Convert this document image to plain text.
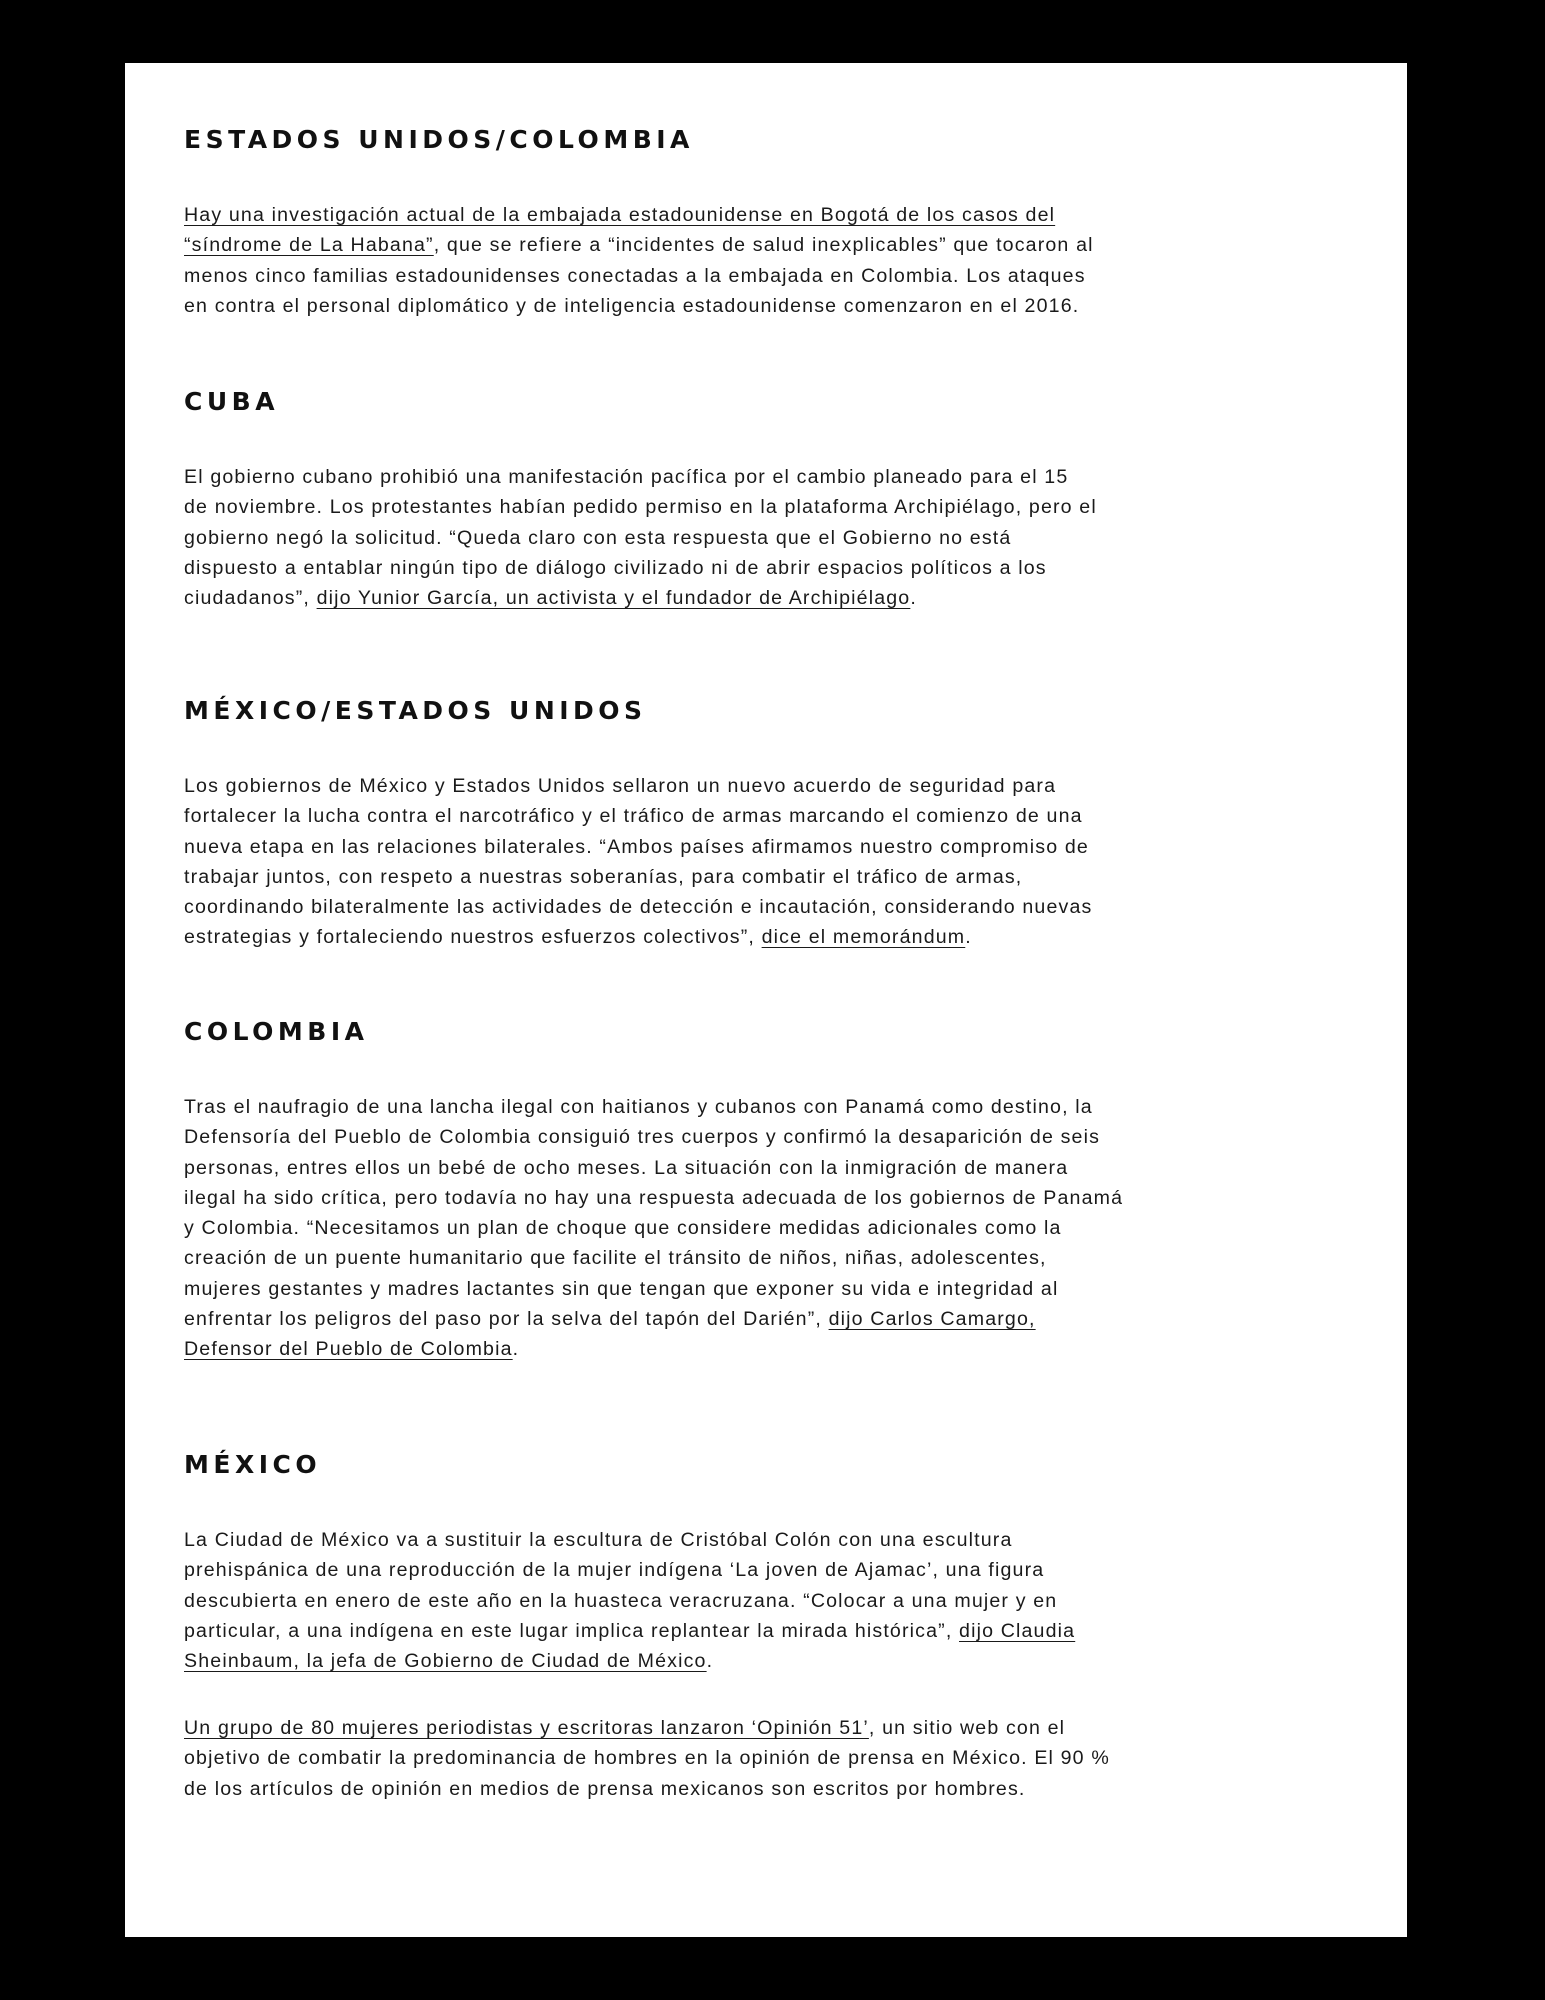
ESTADOS UNIDOS/COLOMBIA

Hay una investigación actual de la embajada estadounidense en Bogotá de los casos del
“síndrome de La Habana”, que se refiere a “incidentes de salud inexplicables” que tocaron al
menos cinco familias estadounidenses conectadas a la embajada en Colombia. Los ataques
en contra el personal diplomático y de inteligencia estadounidense comenzaron en el 2016.

CUBA

El gobierno cubano prohibió una manifestación pacífica por el cambio planeado para el 15
de noviembre. Los protestantes habían pedido permiso en la plataforma Archipiélago, pero el
gobierno negó la solicitud. “Queda claro con esta respuesta que el Gobierno no está
dispuesto a entablar ningún tipo de diálogo civilizado ni de abrir espacios políticos a los
ciudadanos”, dijo Yunior García, un activista y el fundador de Archipiélago.

MÉXICO/ESTADOS UNIDOS

Los gobiernos de México y Estados Unidos sellaron un nuevo acuerdo de seguridad para
fortalecer la lucha contra el narcotráfico y el tráfico de armas marcando el comienzo de una
nueva etapa en las relaciones bilaterales. “Ambos países afirmamos nuestro compromiso de
trabajar juntos, con respeto a nuestras soberanías, para combatir el tráfico de armas,
coordinando bilateralmente las actividades de detección e incautación, considerando nuevas
estrategias y fortaleciendo nuestros esfuerzos colectivos”, dice el memorándum.

COLOMBIA

Tras el naufragio de una lancha ilegal con haitianos y cubanos con Panamá como destino, la
Defensoría del Pueblo de Colombia consiguió tres cuerpos y confirmó la desaparición de seis
personas, entres ellos un bebé de ocho meses. La situación con la inmigración de manera
ilegal ha sido crítica, pero todavía no hay una respuesta adecuada de los gobiernos de Panamá
y Colombia. “Necesitamos un plan de choque que considere medidas adicionales como la
creación de un puente humanitario que facilite el tránsito de niños, niñas, adolescentes,
mujeres gestantes y madres lactantes sin que tengan que exponer su vida e integridad al
enfrentar los peligros del paso por la selva del tapón del Darién”, dijo Carlos Camargo,
Defensor del Pueblo de Colombia.

MÉXICO

La Ciudad de México va a sustituir la escultura de Cristóbal Colón con una escultura
prehispánica de una reproducción de la mujer indígena ‘La joven de Ajamac’, una figura
descubierta en enero de este año en la huasteca veracruzana. “Colocar a una mujer y en
particular, a una indígena en este lugar implica replantear la mirada histórica”, dijo Claudia
Sheinbaum, la jefa de Gobierno de Ciudad de México.

Un grupo de 80 mujeres periodistas y escritoras lanzaron ‘Opinión 51’, un sitio web con el
objetivo de combatir la predominancia de hombres en la opinión de prensa en México. El 90 %
de los artículos de opinión en medios de prensa mexicanos son escritos por hombres.
